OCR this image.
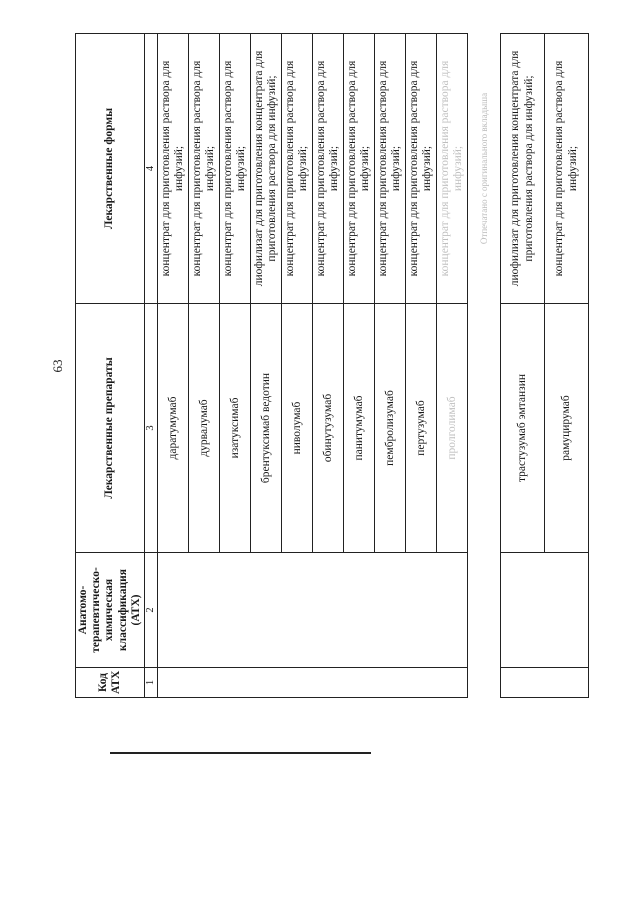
63
Код АТХ	Анатомо-терапевтическо-химическая классификация (АТХ)	Лекарственные препараты	Лекарственные формы
1	2	3	4
		даратумумаб	концентрат для приготовления раствора для инфузий;
		дурвалумаб	концентрат для приготовления раствора для инфузий;
		изатуксимаб	концентрат для приготовления раствора для инфузий;
		брентуксимаб ведотин	лиофилизат для приготовления концентрата для приготовления раствора для инфузий;
		ниволумаб	концентрат для приготовления раствора для инфузий;
		обинутузумаб	концентрат для приготовления раствора для инфузий;
		панитумумаб	концентрат для приготовления раствора для инфузий;
		пембролизумаб	концентрат для приготовления раствора для инфузий;
		пертузумаб	концентрат для приготовления раствора для инфузий;
		пролголимаб	концентрат для приготовления раствора для инфузий;
			Отпечатано с оригинального вкладыша
		трастузумаб эмтанзин	лиофилизат для приготовления концентрата для приготовления раствора для инфузий;
		рамуцирумаб	концентрат для приготовления раствора для инфузий;
